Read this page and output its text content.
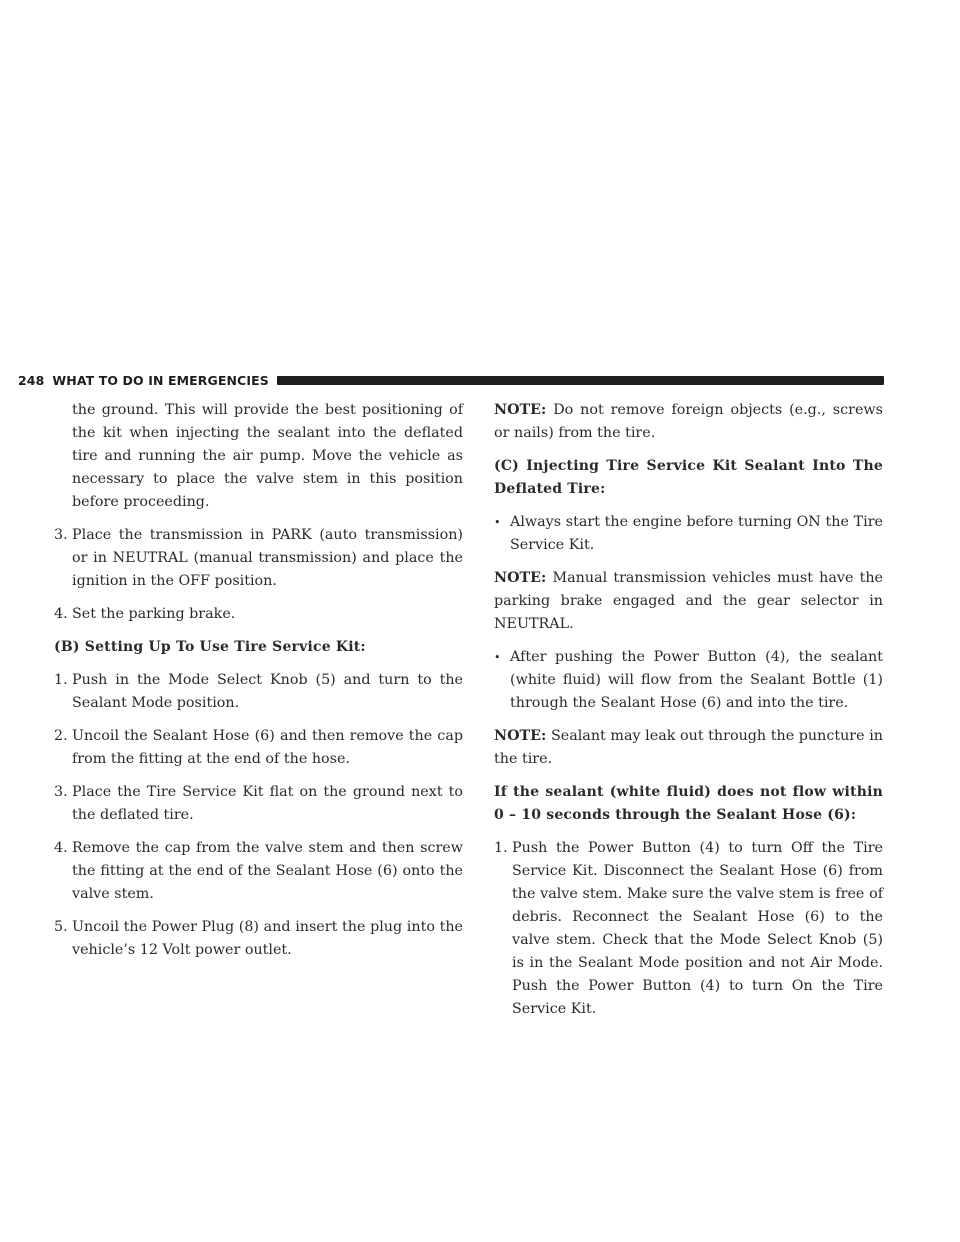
248 WHAT TO DO IN EMERGENCIES

the ground. This will provide the best positioning of the kit when injecting the sealant into the deflated tire and running the air pump. Move the vehicle as necessary to place the valve stem in this position before proceeding.

3. Place the transmission in PARK (auto transmission) or in NEUTRAL (manual transmission) and place the ignition in the OFF position.
4. Set the parking brake.

(B) Setting Up To Use Tire Service Kit:

1. Push in the Mode Select Knob (5) and turn to the Sealant Mode position.
2. Uncoil the Sealant Hose (6) and then remove the cap from the fitting at the end of the hose.
3. Place the Tire Service Kit flat on the ground next to the deflated tire.
4. Remove the cap from the valve stem and then screw the fitting at the end of the Sealant Hose (6) onto the valve stem.
5. Uncoil the Power Plug (8) and insert the plug into the vehicle’s 12 Volt power outlet.

NOTE: Do not remove foreign objects (e.g., screws or nails) from the tire.

(C) Injecting Tire Service Kit Sealant Into The Deflated Tire:

• Always start the engine before turning ON the Tire Service Kit.

NOTE: Manual transmission vehicles must have the parking brake engaged and the gear selector in NEUTRAL.

• After pushing the Power Button (4), the sealant (white fluid) will flow from the Sealant Bottle (1) through the Sealant Hose (6) and into the tire.

NOTE: Sealant may leak out through the puncture in the tire.

If the sealant (white fluid) does not flow within 0 – 10 seconds through the Sealant Hose (6):

1. Push the Power Button (4) to turn Off the Tire Service Kit. Disconnect the Sealant Hose (6) from the valve stem. Make sure the valve stem is free of debris. Reconnect the Sealant Hose (6) to the valve stem. Check that the Mode Select Knob (5) is in the Sealant Mode position and not Air Mode. Push the Power Button (4) to turn On the Tire Service Kit.
